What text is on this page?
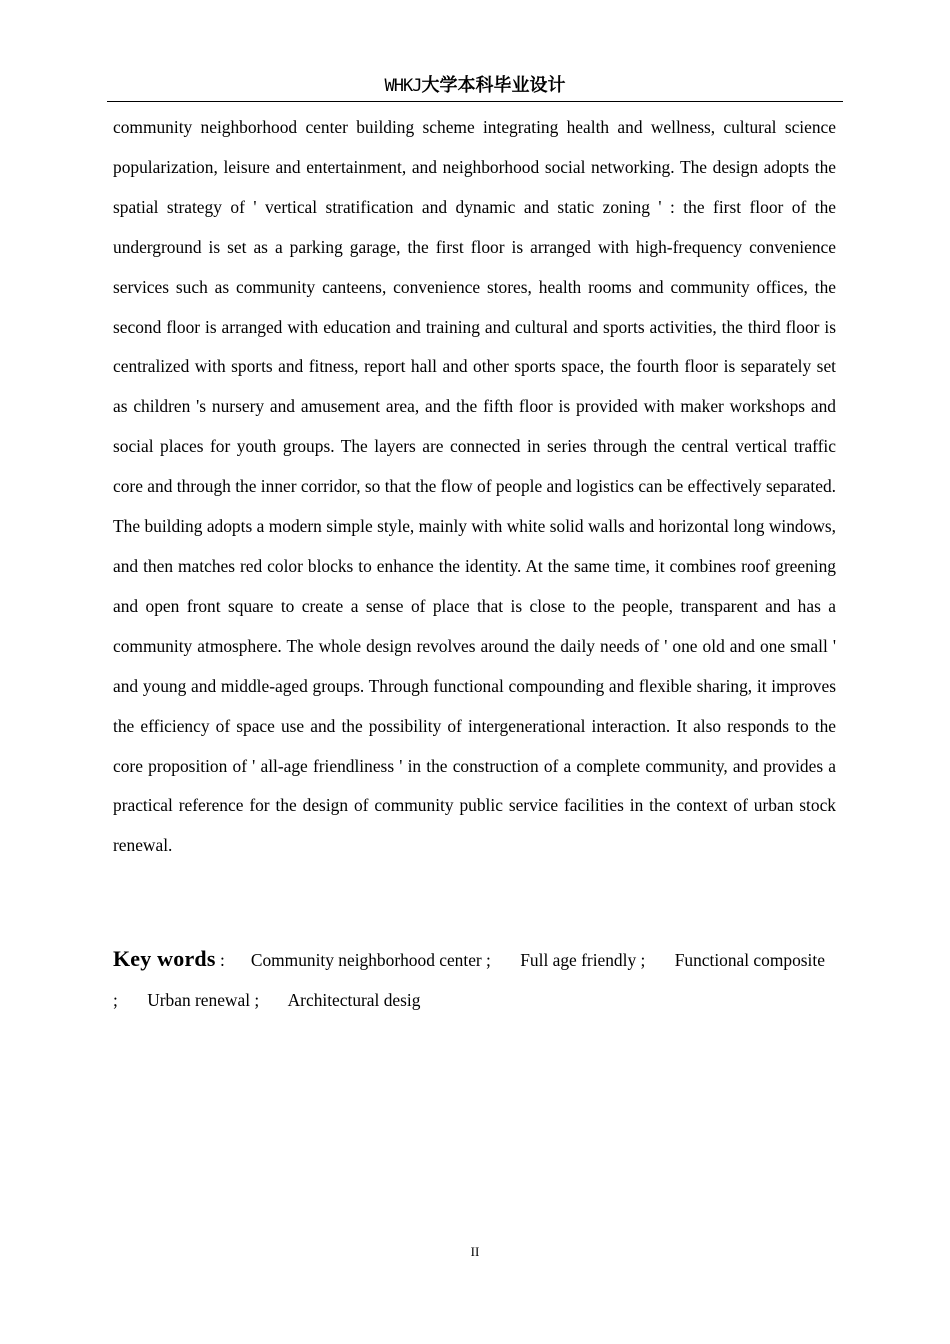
WHKJ大学本科毕业设计

community neighborhood center building scheme integrating health and wellness, cultural science popularization, leisure and entertainment, and neighborhood social networking. The design adopts the spatial strategy of ' vertical stratification and dynamic and static zoning ' : the first floor of the underground is set as a parking garage, the first floor is arranged with high-frequency convenience services such as community canteens, convenience stores, health rooms and community offices, the second floor is arranged with education and training and cultural and sports activities, the third floor is centralized with sports and fitness, report hall and other sports space, the fourth floor is separately set as children 's nursery and amusement area, and the fifth floor is provided with maker workshops and social places for youth groups. The layers are connected in series through the central vertical traffic core and through the inner corridor, so that the flow of people and logistics can be effectively separated. The building adopts a modern simple style, mainly with white solid walls and horizontal long windows, and then matches red color blocks to enhance the identity. At the same time, it combines roof greening and open front square to create a sense of place that is close to the people, transparent and has a community atmosphere. The whole design revolves around the daily needs of ' one old and one small ' and young and middle-aged groups. Through functional compounding and flexible sharing, it improves the efficiency of space use and the possibility of intergenerational interaction. It also responds to the core proposition of ' all-age friendliness ' in the construction of a complete community, and provides a practical reference for the design of community public service facilities in the context of urban stock renewal.

Key words : Community neighborhood center ; Full age friendly ; Functional composite ; Urban renewal ; Architectural desig

II
